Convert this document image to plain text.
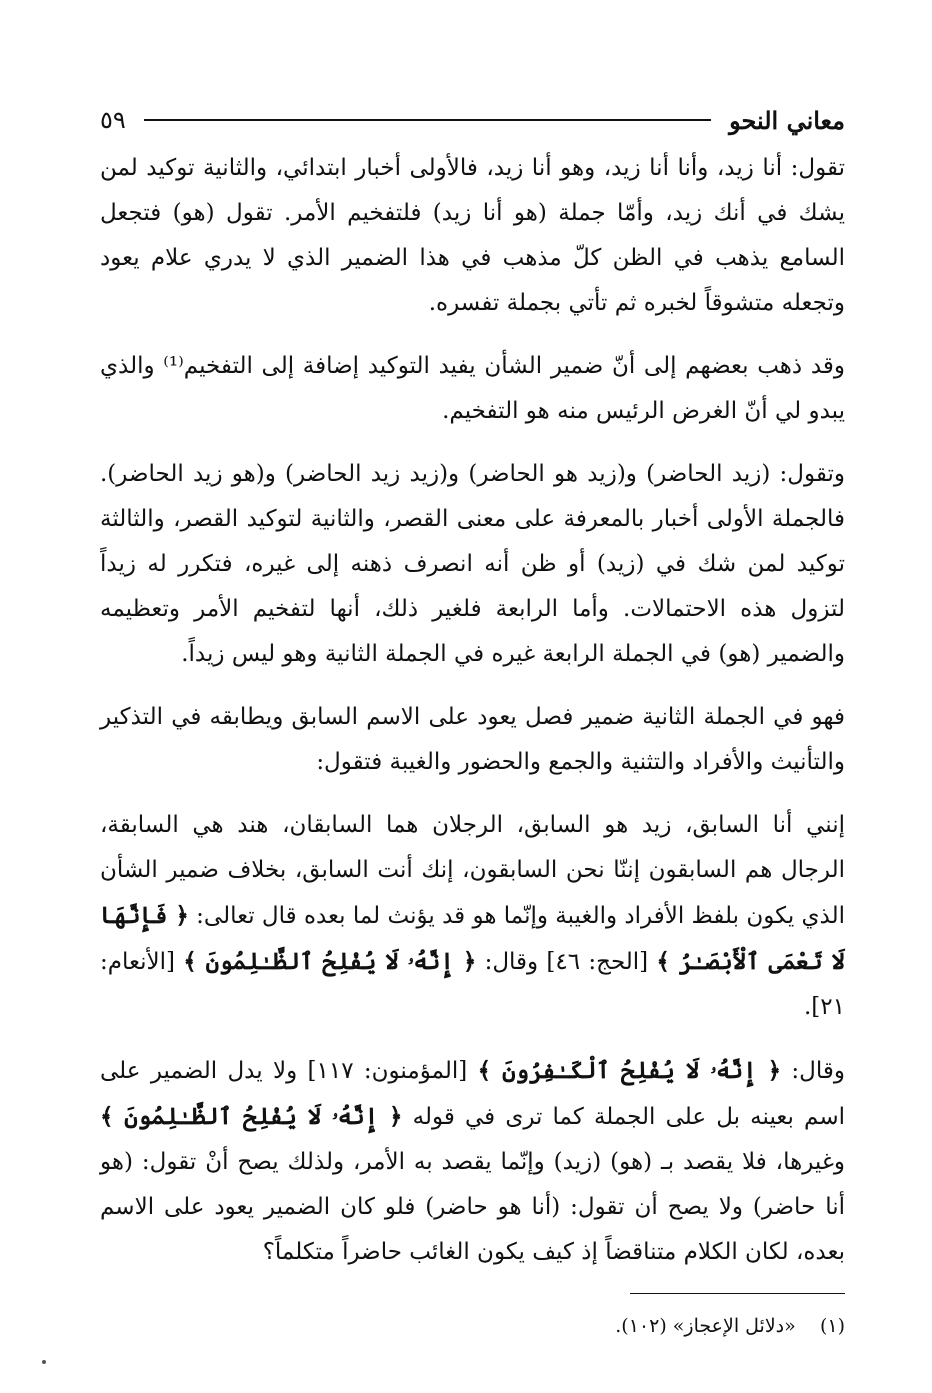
معاني النحو
٥٩

تقول: أنا زيد، وأنا أنا زيد، وهو أنا زيد، فالأولى أخبار ابتدائي، والثانية توكيد لمن يشك في أنك زيد، وأمّا جملة (هو أنا زيد) فلتفخيم الأمر. تقول (هو) فتجعل السامع يذهب في الظن كلّ مذهب في هذا الضمير الذي لا يدري علام يعود وتجعله متشوقاً لخبره ثم تأتي بجملة تفسره.

وقد ذهب بعضهم إلى أنّ ضمير الشأن يفيد التوكيد إضافة إلى التفخيم⁽¹⁾ والذي يبدو لي أنّ الغرض الرئيس منه هو التفخيم.

وتقول: (زيد الحاضر) و(زيد هو الحاضر) و(زيد زيد الحاضر) و(هو زيد الحاضر). فالجملة الأولى أخبار بالمعرفة على معنى القصر، والثانية لتوكيد القصر، والثالثة توكيد لمن شك في (زيد) أو ظن أنه انصرف ذهنه إلى غيره، فتكرر له زيداً لتزول هذه الاحتمالات. وأما الرابعة فلغير ذلك، أنها لتفخيم الأمر وتعظيمه والضمير (هو) في الجملة الرابعة غيره في الجملة الثانية وهو ليس زيداً.

فهو في الجملة الثانية ضمير فصل يعود على الاسم السابق ويطابقه في التذكير والتأنيث والأفراد والتثنية والجمع والحضور والغيبة فتقول:

إنني أنا السابق، زيد هو السابق، الرجلان هما السابقان، هند هي السابقة، الرجال هم السابقون إننّا نحن السابقون، إنك أنت السابق، بخلاف ضمير الشأن الذي يكون بلفظ الأفراد والغيبة وإنّما هو قد يؤنث لما بعده قال تعالى: ﴿ فَإِنَّهَا لَا تَعْمَى ٱلْأَبْصَـٰرُ ﴾ [الحج: ٤٦] وقال: ﴿ إِنَّهُۥ لَا يُفْلِحُ ٱلظَّـٰلِمُونَ ﴾ [الأنعام: ٢١].

وقال: ﴿ إِنَّهُۥ لَا يُفْلِحُ ٱلْكَـٰفِرُونَ ﴾ [المؤمنون: ١١٧] ولا يدل الضمير على اسم بعينه بل على الجملة كما ترى في قوله ﴿ إِنَّهُۥ لَا يُفْلِحُ ٱلظَّـٰلِمُونَ ﴾ وغيرها، فلا يقصد بـ (هو) (زيد) وإنّما يقصد به الأمر، ولذلك يصح أنْ تقول: (هو أنا حاضر) ولا يصح أن تقول: (أنا هو حاضر) فلو كان الضمير يعود على الاسم بعده، لكان الكلام متناقضاً إذ كيف يكون الغائب حاضراً متكلماً؟

(١)    «دلائل الإعجاز» (١٠٢).
